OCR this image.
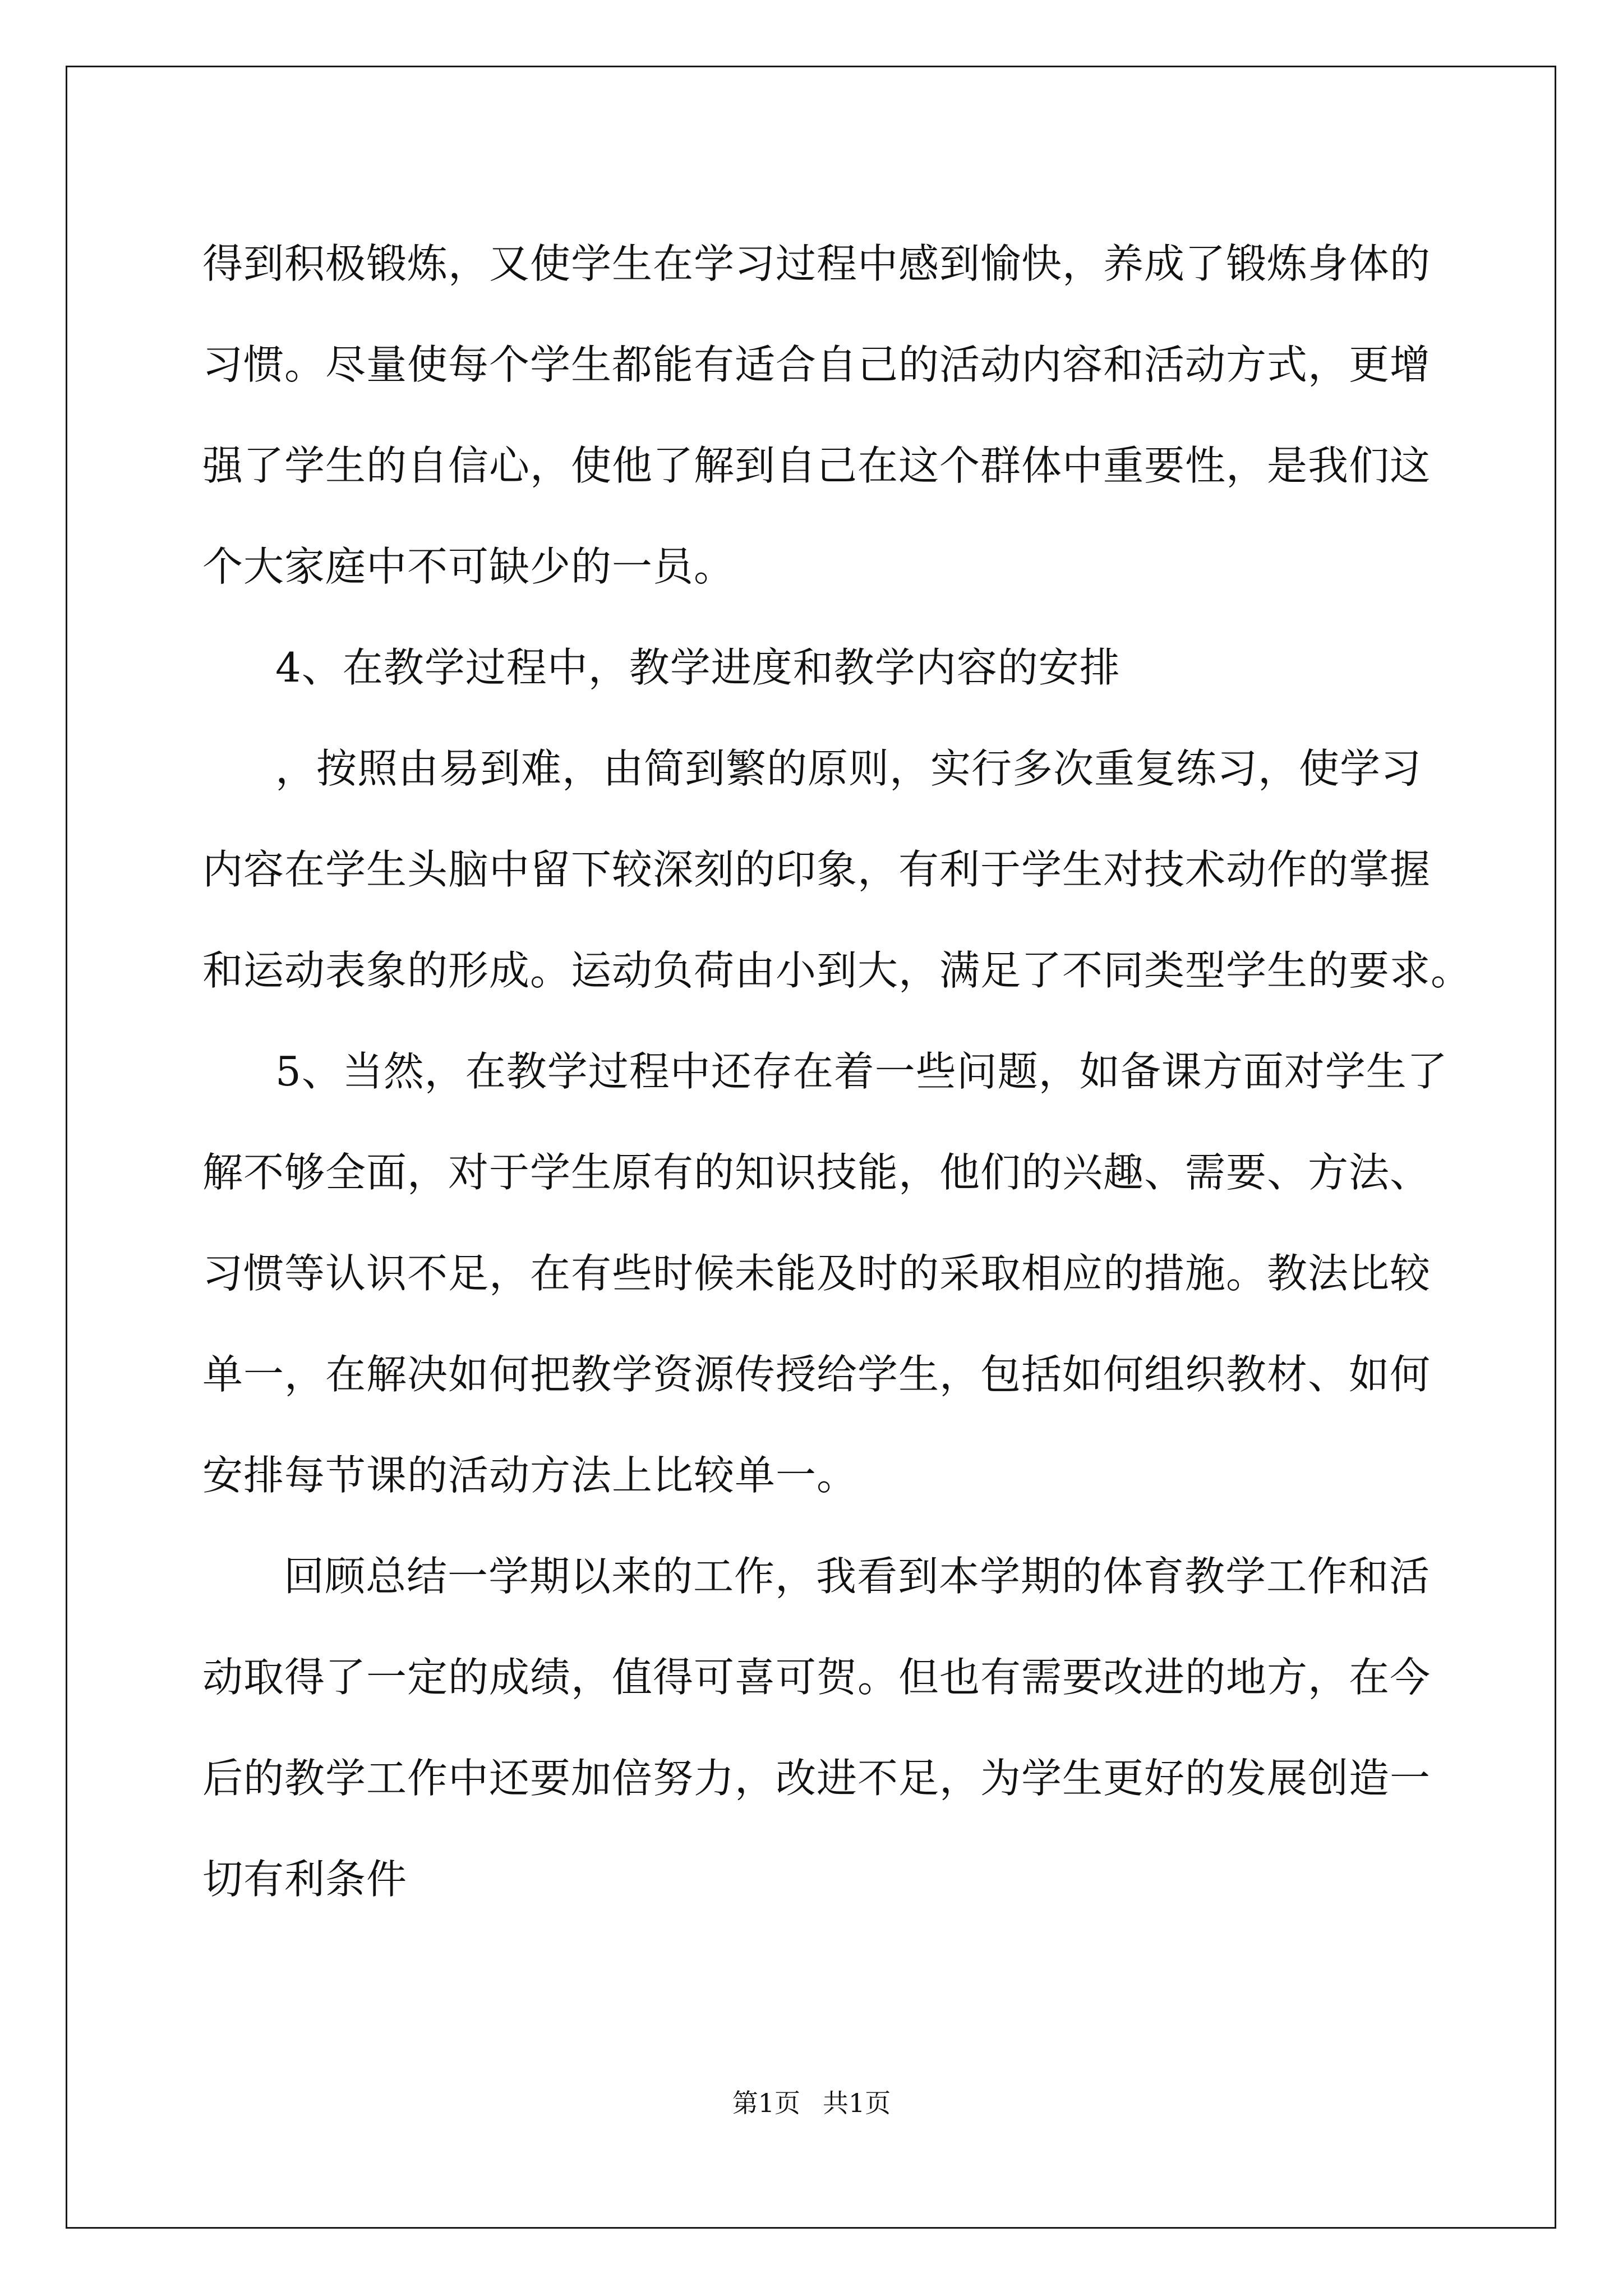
得到积极锻炼，又使学生在学习过程中感到愉快，养成了锻炼身体的
习惯。尽量使每个学生都能有适合自己的活动内容和活动方式，更增
强了学生的自信心，使他了解到自己在这个群体中重要性，是我们这
个大家庭中不可缺少的一员。
4、在教学过程中，教学进度和教学内容的安排
，按照由易到难，由简到繁的原则，实行多次重复练习，使学习
内容在学生头脑中留下较深刻的印象，有利于学生对技术动作的掌握
和运动表象的形成。运动负荷由小到大，满足了不同类型学生的要求。
5、当然，在教学过程中还存在着一些问题，如备课方面对学生了
解不够全面，对于学生原有的知识技能，他们的兴趣、需要、方法、
习惯等认识不足，在有些时候未能及时的采取相应的措施。教法比较
单一，在解决如何把教学资源传授给学生，包括如何组织教材、如何
安排每节课的活动方法上比较单一。
回顾总结一学期以来的工作，我看到本学期的体育教学工作和活
动取得了一定的成绩，值得可喜可贺。但也有需要改进的地方，在今
后的教学工作中还要加倍努力，改进不足，为学生更好的发展创造一
切有利条件
第1页 共1页
